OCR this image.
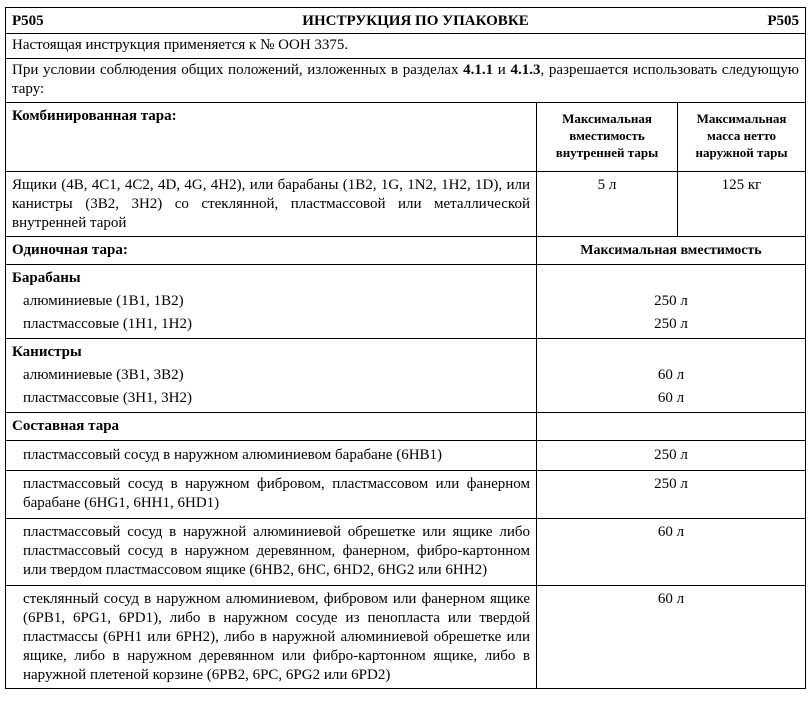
P505 ИНСТРУКЦИЯ ПО УПАКОВКЕ P505		

Настоящая инструкция применяется к № ООН 3375.		
При условии соблюдения общих положений, изложенных в разделах 4.1.1 и 4.1.3, разрешается использовать следующую тару:		
Комбинированная тара:	Максимальная вместимость внутренней тары	Максимальная масса нетто наружной тары
Ящики (4B, 4C1, 4C2, 4D, 4G, 4H2), или барабаны (1B2, 1G, 1N2, 1H2, 1D), или канистры (3B2, 3H2) со стеклянной, пластмассовой или металлической внутренней тарой	5 л	125 кг
Одиночная тара:	Максимальная вместимость	
Барабаны		
алюминиевые (1B1, 1B2)	250 л	
пластмассовые (1H1, 1H2)	250 л	
Канистры		
алюминиевые (3B1, 3B2)	60 л	
пластмассовые (3H1, 3H2)	60 л	
Составная тара		
пластмассовый сосуд в наружном алюминиевом барабане (6HB1)	250 л	
пластмассовый сосуд в наружном фибровом, пластмассовом или фанерном барабане (6HG1, 6HH1, 6HD1)	250 л	
пластмассовый сосуд в наружной алюминиевой обрешетке или ящике либо пластмассовый сосуд в наружном деревянном, фанерном, фибро-картонном или твердом пластмассовом ящике (6HB2, 6HC, 6HD2, 6HG2 или 6HH2)	60 л	
стеклянный сосуд в наружном алюминиевом, фибровом или фанерном ящике (6PB1, 6PG1, 6PD1), либо в наружном сосуде из пенопласта или твердой пластмассы (6PH1 или 6PH2), либо в наружной алюминиевой обрешетке или ящике, либо в наружном деревянном или фибро-картонном ящике, либо в наружной плетеной корзине (6PB2, 6PC, 6PG2 или 6PD2)	60 л	
